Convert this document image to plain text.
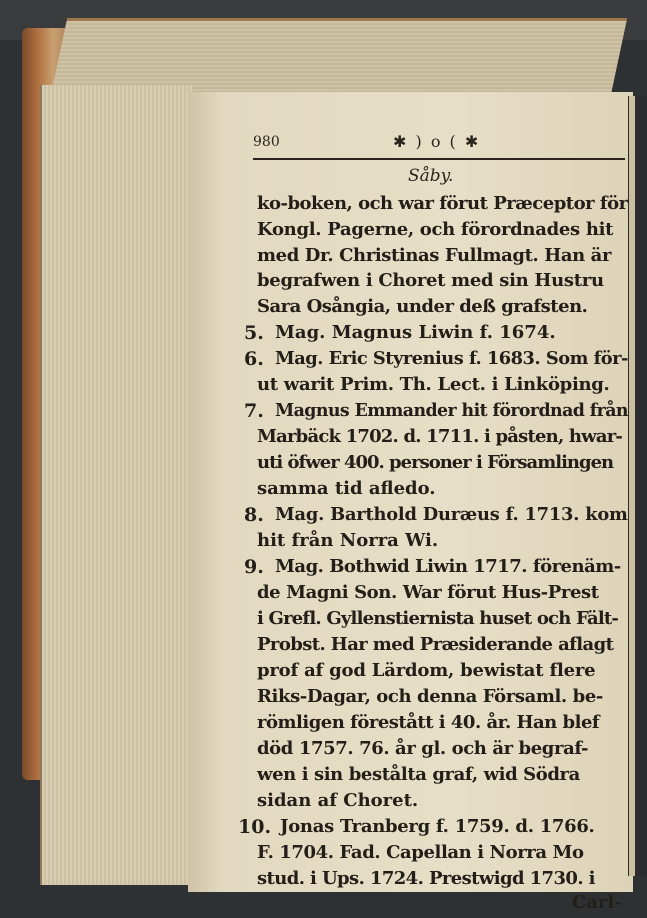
980	✱ ) o ( ✱
Såby.
ko-boken, och war förut Præceptor för
Kongl. Pagerne, och förordnades hit
med Dr. Christinas Fullmagt. Han är
begrafwen i Choret med sin Hustru
Sara Osångia, under deß grafsten.
5. Mag. Magnus Liwin f. 1674.
6. Mag. Eric Styrenius f. 1683. Som för-
ut warit Prim. Th. Lect. i Linköping.
7. Magnus Emmander hit förordnad från
Marbäck 1702. d. 1711. i påsten, hwar-
uti öfwer 400. personer i Församlingen
samma tid afledo.
8. Mag. Barthold Duræus f. 1713. kom
hit från Norra Wi.
9. Mag. Bothwid Liwin 1717. förenäm-
de Magni Son. War förut Hus-Prest
i Grefl. Gyllenstiernista huset och Fält-
Probst. Har med Præsiderande aflagt
prof af god Lärdom, bewistat flere
Riks-Dagar, och denna Församl. be-
römligen förestått i 40. år. Han blef
död 1757. 76. år gl. och är begraf-
wen i sin bestålta graf, wid Södra
sidan af Choret.
10. Jonas Tranberg f. 1759. d. 1766.
F. 1704. Fad. Capellan i Norra Mo
stud. i Ups. 1724. Prestwigd 1730. i
Carl-
